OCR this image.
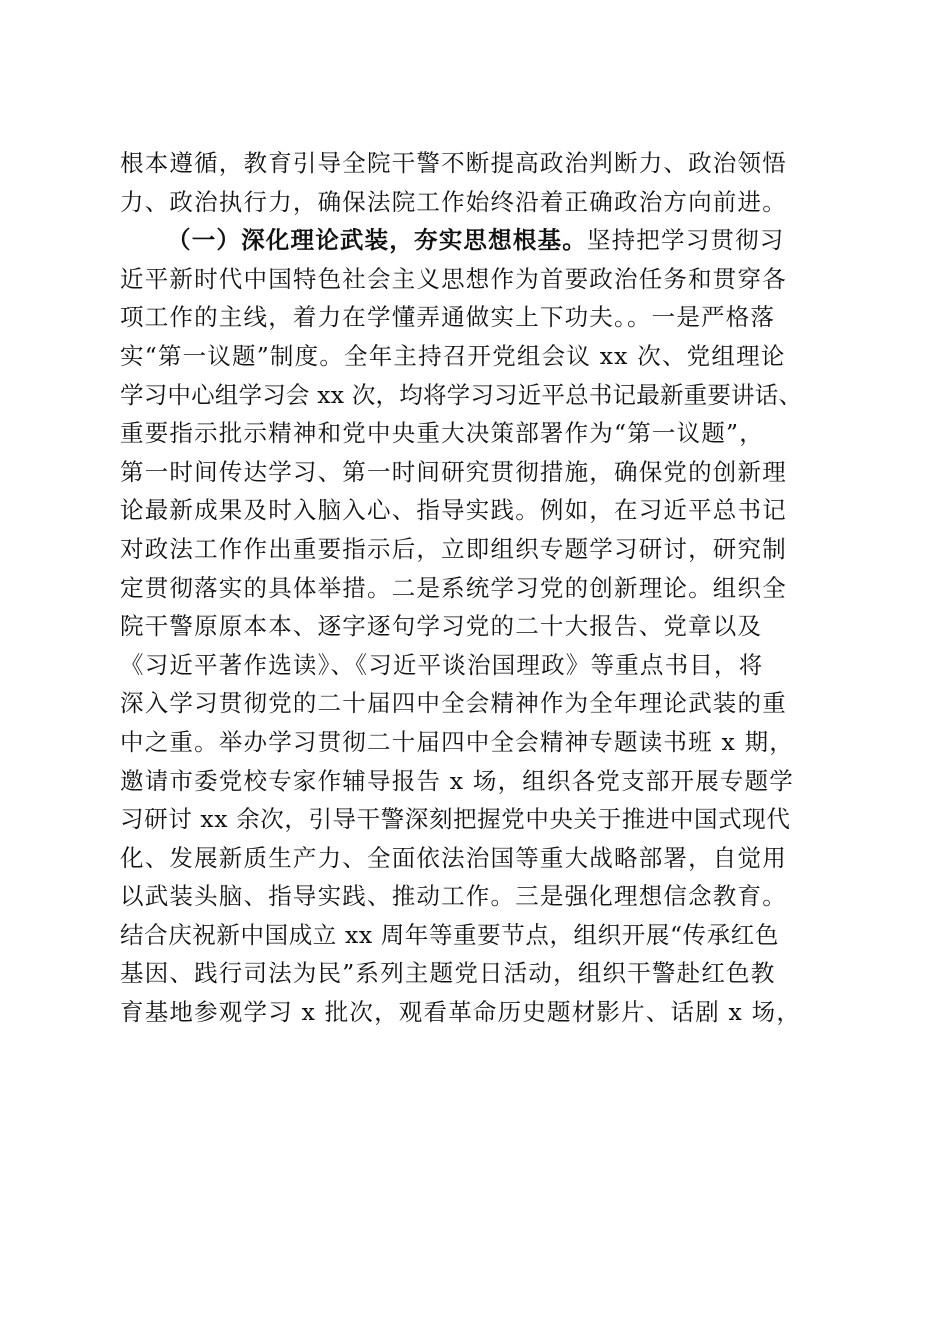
根本遵循，教育引导全院干警不断提高政治判断力、政治领悟
力、政治执行力，确保法院工作始终沿着正确政治方向前进。
（一）深化理论武装，夯实思想根基。坚持把学习贯彻习
近平新时代中国特色社会主义思想作为首要政治任务和贯穿各
项工作的主线，着力在学懂弄通做实上下功夫。。一是严格落
实“第一议题”制度。全年主持召开党组会议 xx 次、党组理论
学习中心组学习会 xx 次，均将学习习近平总书记最新重要讲话、
重要指示批示精神和党中央重大决策部署作为“第一议题”，
第一时间传达学习、第一时间研究贯彻措施，确保党的创新理
论最新成果及时入脑入心、指导实践。例如，在习近平总书记
对政法工作作出重要指示后，立即组织专题学习研讨，研究制
定贯彻落实的具体举措。二是系统学习党的创新理论。组织全
院干警原原本本、逐字逐句学习党的二十大报告、党章以及
《习近平著作选读》、《习近平谈治国理政》等重点书目，将
深入学习贯彻党的二十届四中全会精神作为全年理论武装的重
中之重。举办学习贯彻二十届四中全会精神专题读书班 x 期，
邀请市委党校专家作辅导报告 x 场，组织各党支部开展专题学
习研讨 xx 余次，引导干警深刻把握党中央关于推进中国式现代
化、发展新质生产力、全面依法治国等重大战略部署，自觉用
以武装头脑、指导实践、推动工作。三是强化理想信念教育。
结合庆祝新中国成立 xx 周年等重要节点，组织开展“传承红色
基因、践行司法为民”系列主题党日活动，组织干警赴红色教
育基地参观学习 x 批次，观看革命历史题材影片、话剧 x 场，
